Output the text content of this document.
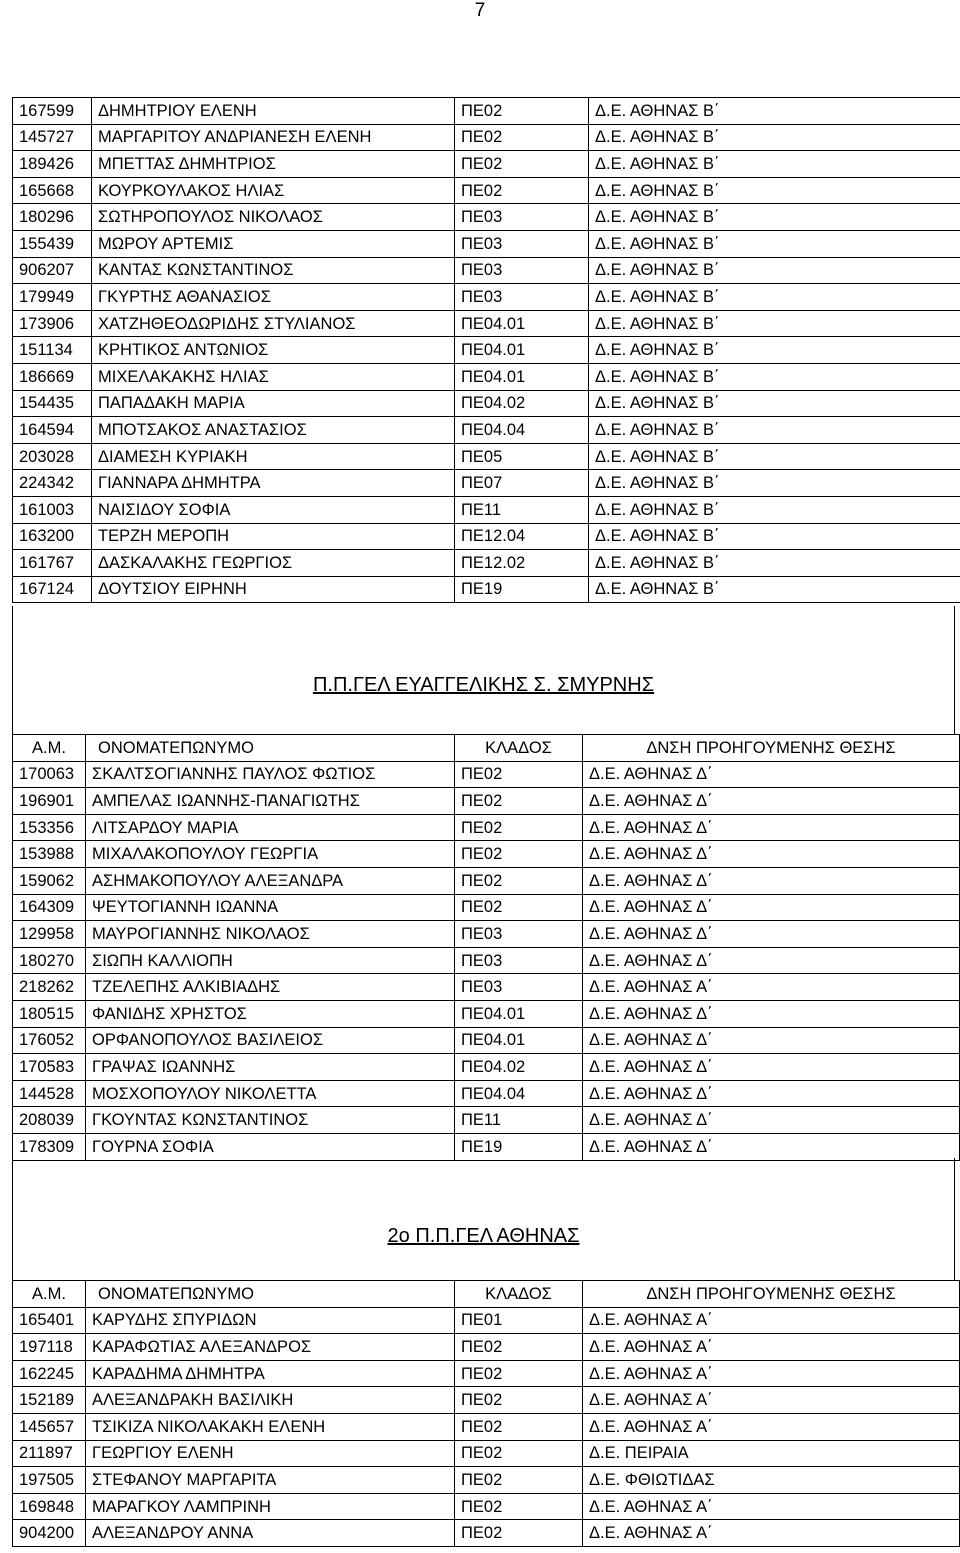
7
167599	ΔΗΜΗΤΡΙΟΥ ΕΛΕΝΗ	ΠΕ02	Δ.Ε. ΑΘΗΝΑΣ Β΄
145727	ΜΑΡΓΑΡΙΤΟΥ ΑΝΔΡΙΑΝΕΣΗ ΕΛΕΝΗ	ΠΕ02	Δ.Ε. ΑΘΗΝΑΣ Β΄
189426	ΜΠΕΤΤΑΣ ΔΗΜΗΤΡΙΟΣ	ΠΕ02	Δ.Ε. ΑΘΗΝΑΣ Β΄
165668	ΚΟΥΡΚΟΥΛΑΚΟΣ ΗΛΙΑΣ	ΠΕ02	Δ.Ε. ΑΘΗΝΑΣ Β΄
180296	ΣΩΤΗΡΟΠΟΥΛΟΣ ΝΙΚΟΛΑΟΣ	ΠΕ03	Δ.Ε. ΑΘΗΝΑΣ Β΄
155439	ΜΩΡΟΥ ΑΡΤΕΜΙΣ	ΠΕ03	Δ.Ε. ΑΘΗΝΑΣ Β΄
906207	ΚΑΝΤΑΣ ΚΩΝΣΤΑΝΤΙΝΟΣ	ΠΕ03	Δ.Ε. ΑΘΗΝΑΣ Β΄
179949	ΓΚΥΡΤΗΣ ΑΘΑΝΑΣΙΟΣ	ΠΕ03	Δ.Ε. ΑΘΗΝΑΣ Β΄
173906	ΧΑΤΖΗΘΕΟΔΩΡΙΔΗΣ ΣΤΥΛΙΑΝΟΣ	ΠΕ04.01	Δ.Ε. ΑΘΗΝΑΣ Β΄
151134	ΚΡΗΤΙΚΟΣ ΑΝΤΩΝΙΟΣ	ΠΕ04.01	Δ.Ε. ΑΘΗΝΑΣ Β΄
186669	ΜΙΧΕΛΑΚΑΚΗΣ ΗΛΙΑΣ	ΠΕ04.01	Δ.Ε. ΑΘΗΝΑΣ Β΄
154435	ΠΑΠΑΔΑΚΗ ΜΑΡΙΑ	ΠΕ04.02	Δ.Ε. ΑΘΗΝΑΣ Β΄
164594	ΜΠΟΤΣΑΚΟΣ ΑΝΑΣΤΑΣΙΟΣ	ΠΕ04.04	Δ.Ε. ΑΘΗΝΑΣ Β΄
203028	ΔΙΑΜΕΣΗ ΚΥΡΙΑΚΗ	ΠΕ05	Δ.Ε. ΑΘΗΝΑΣ Β΄
224342	ΓΙΑΝΝΑΡΑ ΔΗΜΗΤΡΑ	ΠΕ07	Δ.Ε. ΑΘΗΝΑΣ Β΄
161003	ΝΑΙΣΙΔΟΥ ΣΟΦΙΑ	ΠΕ11	Δ.Ε. ΑΘΗΝΑΣ Β΄
163200	ΤΕΡΖΗ ΜΕΡΟΠΗ	ΠΕ12.04	Δ.Ε. ΑΘΗΝΑΣ Β΄
161767	ΔΑΣΚΑΛΑΚΗΣ ΓΕΩΡΓΙΟΣ	ΠΕ12.02	Δ.Ε. ΑΘΗΝΑΣ Β΄
167124	ΔΟΥΤΣΙΟΥ ΕΙΡΗΝΗ	ΠΕ19	Δ.Ε. ΑΘΗΝΑΣ Β΄
Π.Π.ΓΕΛ ΕΥΑΓΓΕΛΙΚΗΣ Σ. ΣΜΥΡΝΗΣ
Α.Μ.	ΟΝΟΜΑΤΕΠΩΝΥΜΟ	ΚΛΑΔΟΣ	ΔΝΣΗ ΠΡΟΗΓΟΥΜΕΝΗΣ ΘΕΣΗΣ
170063	ΣΚΑΛΤΣΟΓΙΑΝΝΗΣ ΠΑΥΛΟΣ ΦΩΤΙΟΣ	ΠΕ02	Δ.Ε. ΑΘΗΝΑΣ Δ΄
196901	ΑΜΠΕΛΑΣ ΙΩΑΝΝΗΣ-ΠΑΝΑΓΙΩΤΗΣ	ΠΕ02	Δ.Ε. ΑΘΗΝΑΣ Δ΄
153356	ΛΙΤΣΑΡΔΟΥ ΜΑΡΙΑ	ΠΕ02	Δ.Ε. ΑΘΗΝΑΣ Δ΄
153988	ΜΙΧΑΛΑΚΟΠΟΥΛΟΥ ΓΕΩΡΓΙΑ	ΠΕ02	Δ.Ε. ΑΘΗΝΑΣ Δ΄
159062	ΑΣΗΜΑΚΟΠΟΥΛΟΥ ΑΛΕΞΑΝΔΡΑ	ΠΕ02	Δ.Ε. ΑΘΗΝΑΣ Δ΄
164309	ΨΕΥΤΟΓΙΑΝΝΗ ΙΩΑΝΝΑ	ΠΕ02	Δ.Ε. ΑΘΗΝΑΣ Δ΄
129958	ΜΑΥΡΟΓΙΑΝΝΗΣ ΝΙΚΟΛΑΟΣ	ΠΕ03	Δ.Ε. ΑΘΗΝΑΣ Δ΄
180270	ΣΙΩΠΗ ΚΑΛΛΙΟΠΗ	ΠΕ03	Δ.Ε. ΑΘΗΝΑΣ Δ΄
218262	ΤΖΕΛΕΠΗΣ ΑΛΚΙΒΙΑΔΗΣ	ΠΕ03	Δ.Ε. ΑΘΗΝΑΣ Α΄
180515	ΦΑΝΙΔΗΣ ΧΡΗΣΤΟΣ	ΠΕ04.01	Δ.Ε. ΑΘΗΝΑΣ Δ΄
176052	ΟΡΦΑΝΟΠΟΥΛΟΣ ΒΑΣΙΛΕΙΟΣ	ΠΕ04.01	Δ.Ε. ΑΘΗΝΑΣ Δ΄
170583	ΓΡΑΨΑΣ ΙΩΑΝΝΗΣ	ΠΕ04.02	Δ.Ε. ΑΘΗΝΑΣ Δ΄
144528	ΜΟΣΧΟΠΟΥΛΟΥ ΝΙΚΟΛΕΤΤΑ	ΠΕ04.04	Δ.Ε. ΑΘΗΝΑΣ Δ΄
208039	ΓΚΟΥΝΤΑΣ ΚΩΝΣΤΑΝΤΙΝΟΣ	ΠΕ11	Δ.Ε. ΑΘΗΝΑΣ Δ΄
178309	ΓΟΥΡΝΑ ΣΟΦΙΑ	ΠΕ19	Δ.Ε. ΑΘΗΝΑΣ Δ΄
2ο Π.Π.ΓΕΛ ΑΘΗΝΑΣ
Α.Μ.	ΟΝΟΜΑΤΕΠΩΝΥΜΟ	ΚΛΑΔΟΣ	ΔΝΣΗ ΠΡΟΗΓΟΥΜΕΝΗΣ ΘΕΣΗΣ
165401	ΚΑΡΥΔΗΣ ΣΠΥΡΙΔΩΝ	ΠΕ01	Δ.Ε. ΑΘΗΝΑΣ Α΄
197118	ΚΑΡΑΦΩΤΙΑΣ ΑΛΕΞΑΝΔΡΟΣ	ΠΕ02	Δ.Ε. ΑΘΗΝΑΣ Α΄
162245	ΚΑΡΑΔΗΜΑ ΔΗΜΗΤΡΑ	ΠΕ02	Δ.Ε. ΑΘΗΝΑΣ Α΄
152189	ΑΛΕΞΑΝΔΡΑΚΗ ΒΑΣΙΛΙΚΗ	ΠΕ02	Δ.Ε. ΑΘΗΝΑΣ Α΄
145657	ΤΣΙΚΙΖΑ ΝΙΚΟΛΑΚΑΚΗ ΕΛΕΝΗ	ΠΕ02	Δ.Ε. ΑΘΗΝΑΣ Α΄
211897	ΓΕΩΡΓΙΟΥ ΕΛΕΝΗ	ΠΕ02	Δ.Ε. ΠΕΙΡΑΙΑ
197505	ΣΤΕΦΑΝΟΥ ΜΑΡΓΑΡΙΤΑ	ΠΕ02	Δ.Ε. ΦΘΙΩΤΙΔΑΣ
169848	ΜΑΡΑΓΚΟΥ ΛΑΜΠΡΙΝΗ	ΠΕ02	Δ.Ε. ΑΘΗΝΑΣ Α΄
904200	ΑΛΕΞΑΝΔΡΟΥ ΑΝΝΑ	ΠΕ02	Δ.Ε. ΑΘΗΝΑΣ Α΄
